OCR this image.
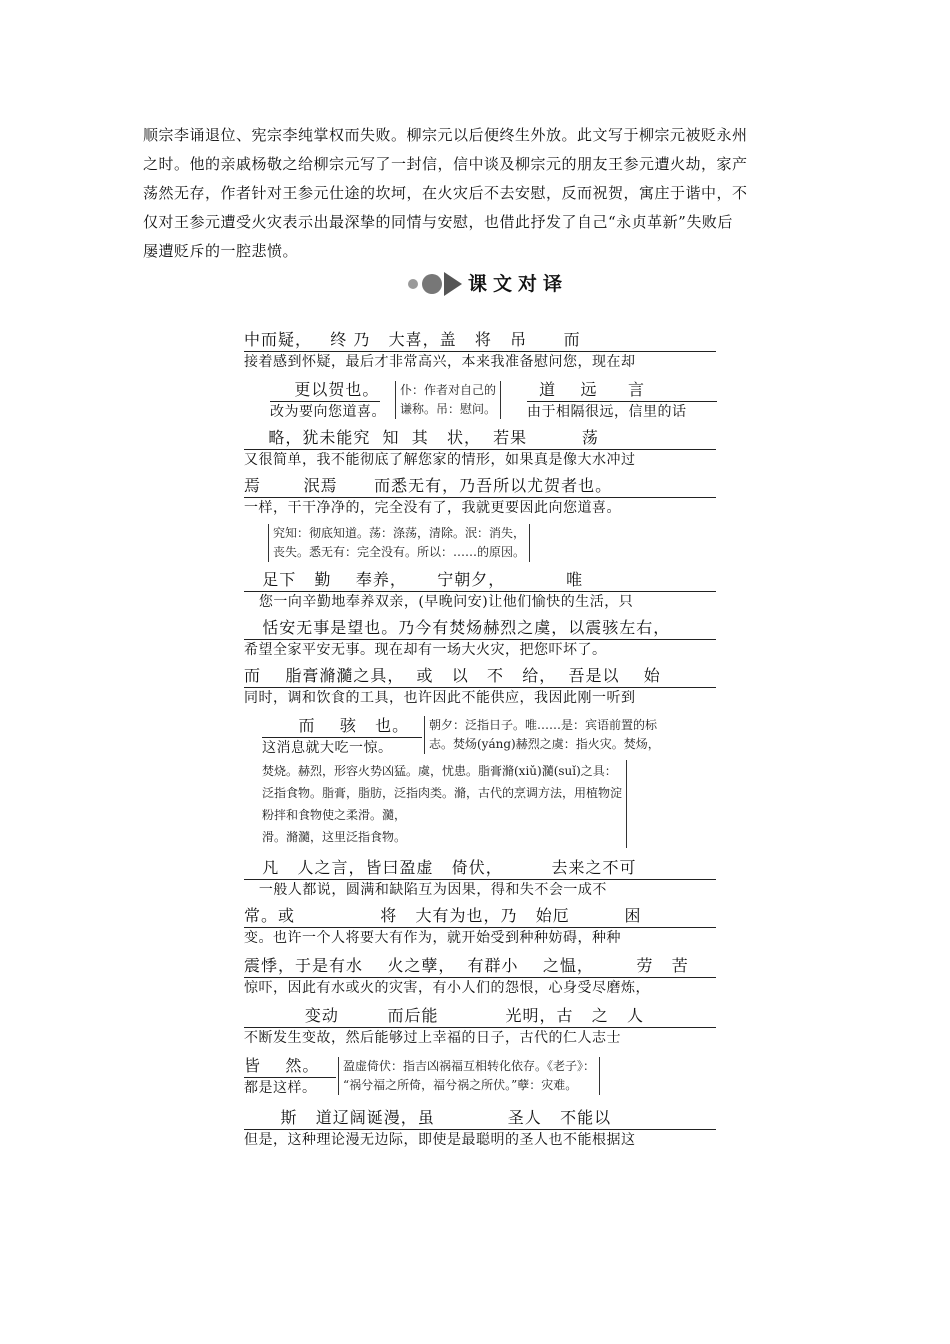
顺宗李诵退位、宪宗李纯掌权而失败。柳宗元以后便终生外放。此文写于柳宗元被贬永州

之时。他的亲戚杨敬之给柳宗元写了一封信，信中谈及柳宗元的朋友王参元遭火劫，家产

荡然无存，作者针对王参元仕途的坎坷，在火灾后不去安慰，反而祝贺，寓庄于谐中，不

仅对王参元遭受火灾表示出最深挚的同情与安慰，也借此抒发了自己“永贞革新”失败后

屡遭贬斥的一腔悲愤。

课文对译
中而疑，   终 乃   大喜，盖   将   吊      而
接着感到怀疑，最后才非常高兴，本来我准备慰问您，现在却
更以贺也。
改为要向您道喜。
仆：作者对自己的
谦称。吊：慰问。
道    远     言
由于相隔很远，信里的话
略，犹未能究  知  其   状，  若果         荡
又很简单，我不能彻底了解您家的情形，如果真是像大水冲过
焉       泯焉      而悉无有，乃吾所以尤贺者也。
一样，干干净净的，完全没有了，我就更要因此向您道喜。
究知：彻底知道。荡：涤荡，清除。泯：消失，
丧失。悉无有：完全没有。所以：……的原因。
足下   勤    奉养，     宁朝夕，          唯
您一向辛勤地奉养双亲，(早晚问安)让他们愉快的生活，只
恬安无事是望也。乃今有焚炀赫烈之虞，以震骇左右，
希望全家平安无事。现在却有一场大火灾，把您吓坏了。
而    脂膏滫瀡之具，  或   以   不   给，  吾是以    始
同时，调和饮食的工具，也许因此不能供应，我因此刚一听到
而    骇   也。
这消息就大吃一惊。
朝夕：泛指日子。唯……是：宾语前置的标
志。焚炀(yáng)赫烈之虞：指火灾。焚炀，
焚烧。赫烈，形容火势凶猛。虞，忧患。脂膏滫(xiǔ)瀡(suǐ)之具：
泛指食物。脂膏，脂肪，泛指肉类。滫，古代的烹调方法，用植物淀
粉拌和食物使之柔滑。瀡，
滑。滫瀡，这里泛指食物。
凡   人之言，皆曰盈虚   倚伏，        去来之不可
一般人都说，圆满和缺陷互为因果，得和失不会一成不
常。或              将   大有为也，乃   始厄         困
变。也许一个人将要大有作为，就开始受到种种妨碍，种种
震悸，于是有水    火之孽，  有群小    之愠，       劳   苦
惊吓，因此有水或火的灾害，有小人们的怨恨，心身受尽磨炼，
变动        而后能           光明，古   之   人
不断发生变故，然后能够过上幸福的日子，古代的仁人志士
皆    然。
都是这样。
盈虚倚伏：指吉凶祸福互相转化依存。《老子》：
“祸兮福之所倚，福兮祸之所伏。”孽：灾难。
斯   道辽阔诞漫，虽            圣人   不能以
但是，这种理论漫无边际，即使是最聪明的圣人也不能根据这
